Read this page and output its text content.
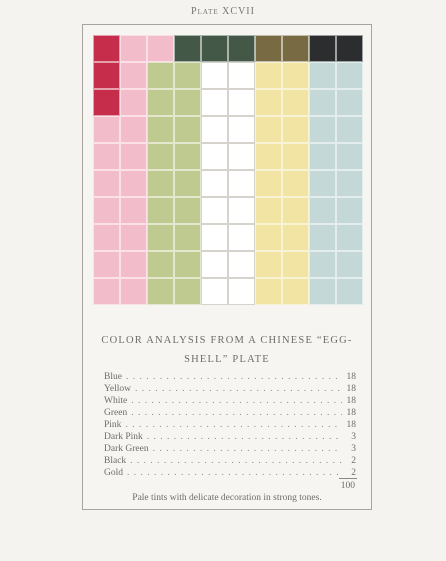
Plate XCVII
COLOR ANALYSIS FROM A CHINESE “EGG-
SHELL” PLATE
Blue . . .	18
Yellow . . .	18
White . . .	18
Green . . .	18
Pink . . .	18
Dark Pink . . .	3
Dark Green . . .	3
Black . . .	2
Gold . . .	2
100
Pale tints with delicate decoration in strong tones.
